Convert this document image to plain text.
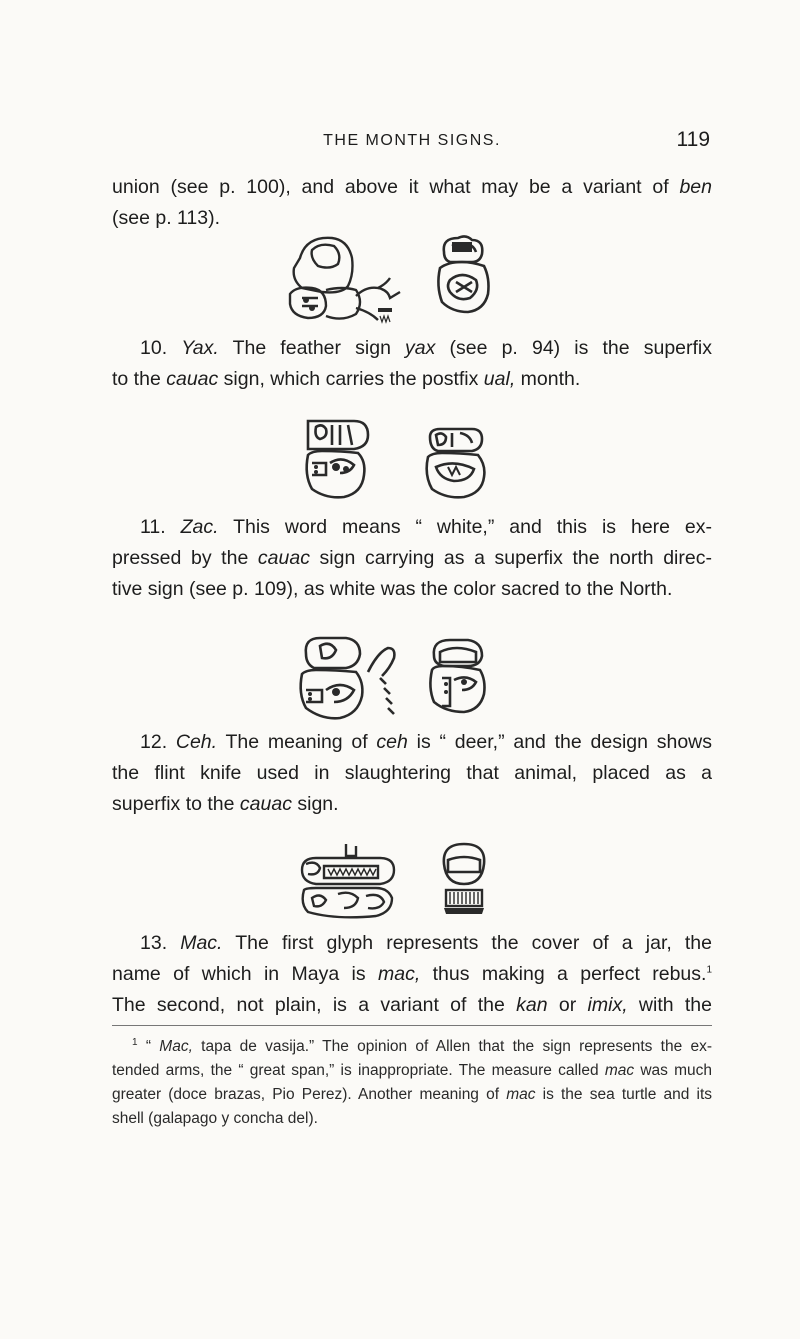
THE MONTH SIGNS.	119
union (see p. 100), and above it what may be a variant of ben
(see p. 113).
10. Yax. The feather sign yax (see p. 94) is the superfix
to the cauac sign, which carries the postfix ual, month.
11. Zac. This word means “ white,” and this is here ex-
pressed by the cauac sign carrying as a superfix the north direc-
tive sign (see p. 109), as white was the color sacred to the North.
12. Ceh. The meaning of ceh is “ deer,” and the design shows
the flint knife used in slaughtering that animal, placed as a
superfix to the cauac sign.
13. Mac. The first glyph represents the cover of a jar, the
name of which in Maya is mac, thus making a perfect rebus.$^1$
The second, not plain, is a variant of the kan or imix, with the
$^1$ “ Mac, tapa de vasija.” The opinion of Allen that the sign represents the ex-
tended arms, the “ great span,” is inappropriate. The measure called mac was much
greater (doce brazas, Pio Perez). Another meaning of mac is the sea turtle and its
shell (galapago y concha del).
